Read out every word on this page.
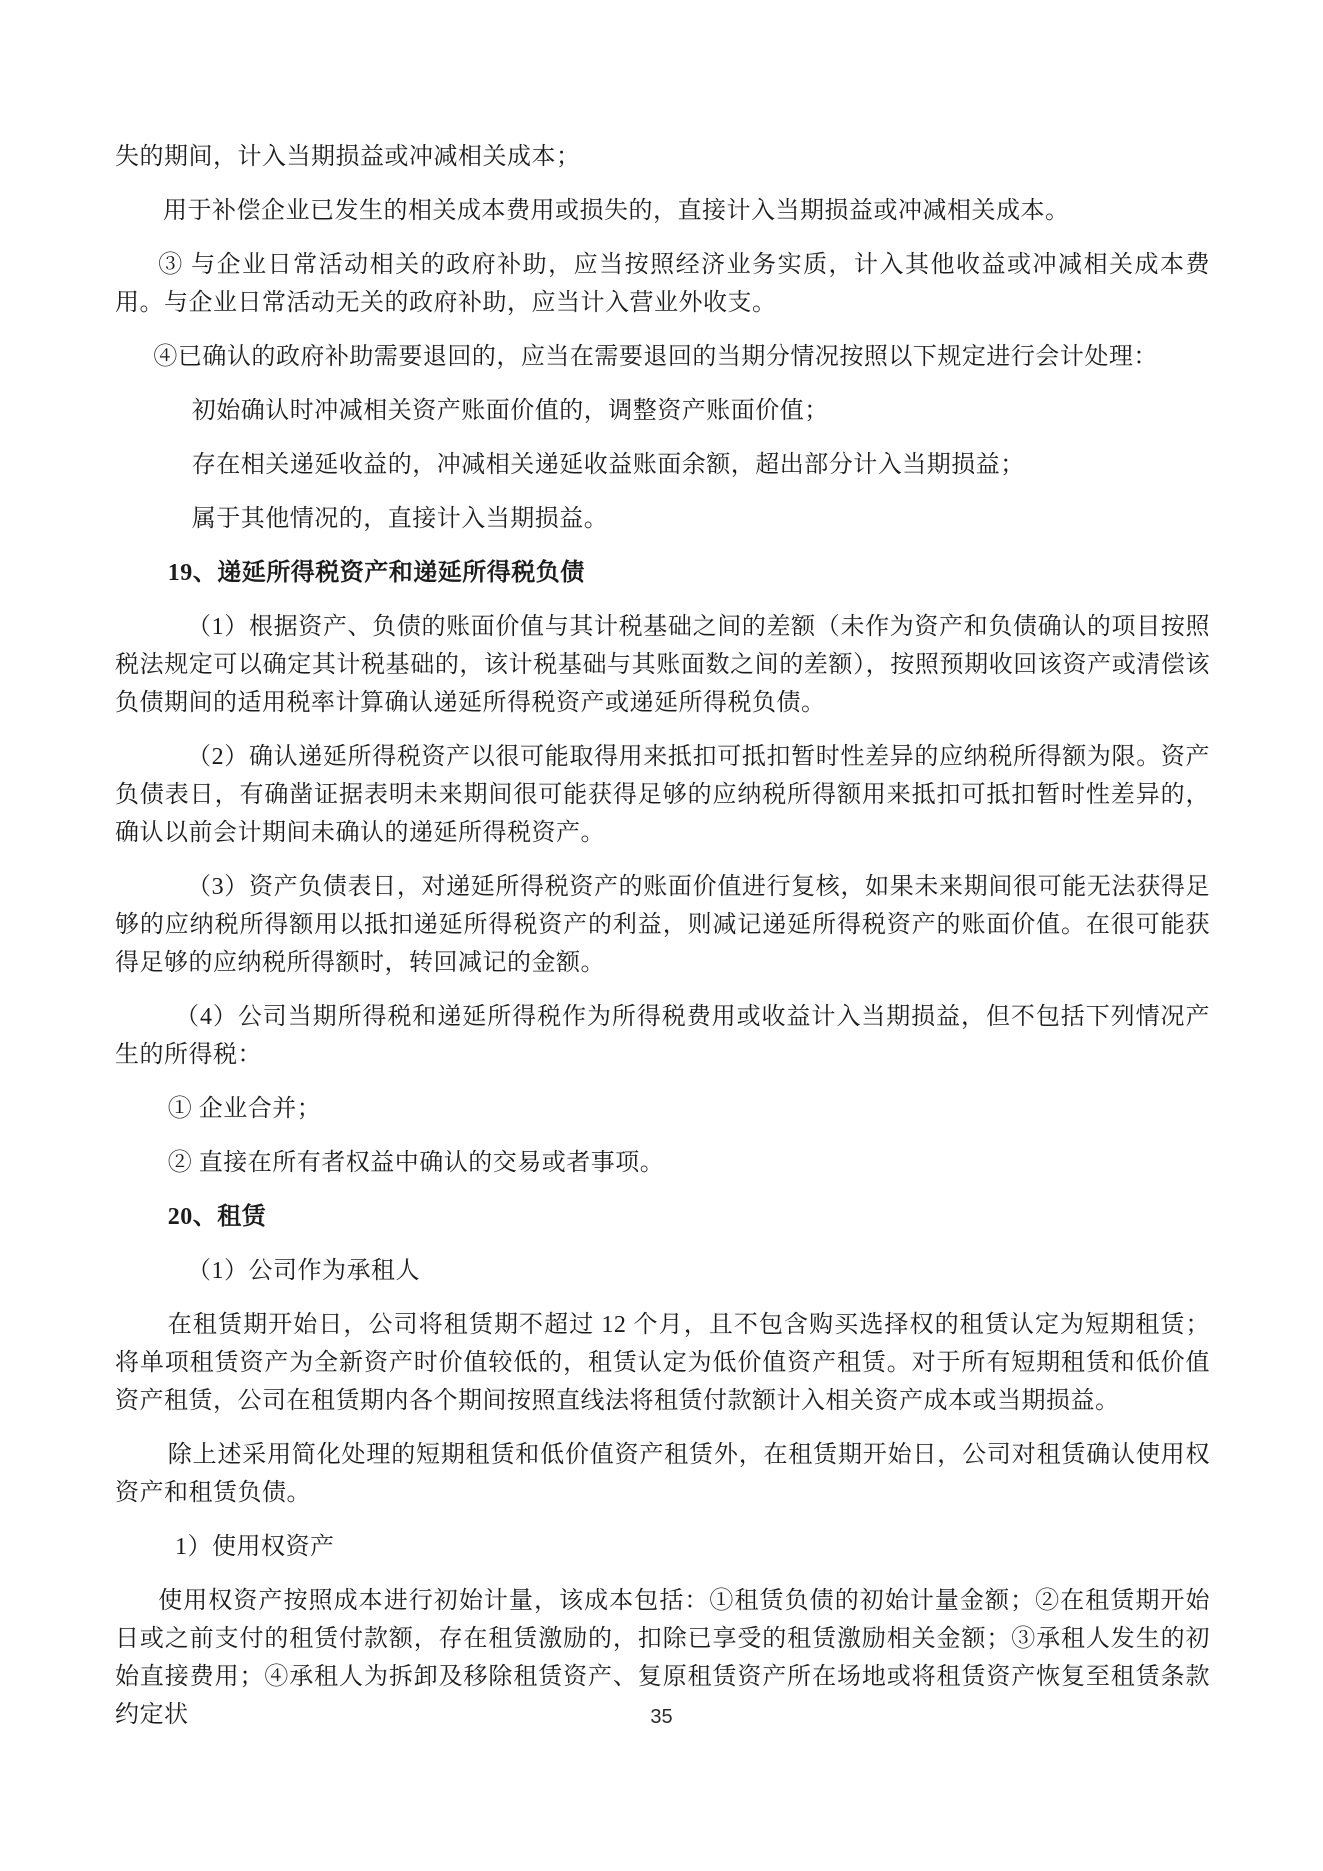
失的期间，计入当期损益或冲减相关成本；

用于补偿企业已发生的相关成本费用或损失的，直接计入当期损益或冲减相关成本。

③ 与企业日常活动相关的政府补助，应当按照经济业务实质，计入其他收益或冲减相关成本费用。与企业日常活动无关的政府补助，应当计入营业外收支。

④已确认的政府补助需要退回的，应当在需要退回的当期分情况按照以下规定进行会计处理：

初始确认时冲减相关资产账面价值的，调整资产账面价值；

存在相关递延收益的，冲减相关递延收益账面余额，超出部分计入当期损益；

属于其他情况的，直接计入当期损益。

19、递延所得税资产和递延所得税负债

（1）根据资产、负债的账面价值与其计税基础之间的差额（未作为资产和负债确认的项目按照税法规定可以确定其计税基础的，该计税基础与其账面数之间的差额），按照预期收回该资产或清偿该负债期间的适用税率计算确认递延所得税资产或递延所得税负债。

（2）确认递延所得税资产以很可能取得用来抵扣可抵扣暂时性差异的应纳税所得额为限。资产负债表日，有确凿证据表明未来期间很可能获得足够的应纳税所得额用来抵扣可抵扣暂时性差异的，确认以前会计期间未确认的递延所得税资产。

（3）资产负债表日，对递延所得税资产的账面价值进行复核，如果未来期间很可能无法获得足够的应纳税所得额用以抵扣递延所得税资产的利益，则减记递延所得税资产的账面价值。在很可能获得足够的应纳税所得额时，转回减记的金额。

（4）公司当期所得税和递延所得税作为所得税费用或收益计入当期损益，但不包括下列情况产生的所得税：

① 企业合并；

② 直接在所有者权益中确认的交易或者事项。

20、租赁

（1）公司作为承租人

在租赁期开始日，公司将租赁期不超过 12 个月，且不包含购买选择权的租赁认定为短期租赁；将单项租赁资产为全新资产时价值较低的，租赁认定为低价值资产租赁。对于所有短期租赁和低价值资产租赁，公司在租赁期内各个期间按照直线法将租赁付款额计入相关资产成本或当期损益。

除上述采用简化处理的短期租赁和低价值资产租赁外，在租赁期开始日，公司对租赁确认使用权资产和租赁负债。

1）使用权资产

使用权资产按照成本进行初始计量，该成本包括：①租赁负债的初始计量金额；②在租赁期开始日或之前支付的租赁付款额，存在租赁激励的，扣除已享受的租赁激励相关金额；③承租人发生的初始直接费用；④承租人为拆卸及移除租赁资产、复原租赁资产所在场地或将租赁资产恢复至租赁条款约定状	35
